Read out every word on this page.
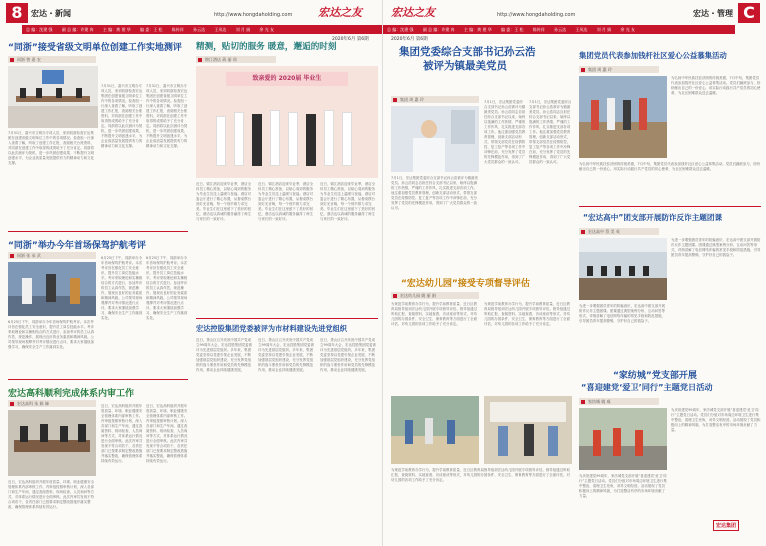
8	宏达・新闻	http://www.hongdaholding.com 宏达之友
总 编：沈建 强　　 副 总 编：许建 冉　　 主 编：黄 建 华　　 编 委：王 松　　 陈传祥　　 孙云达　　 王凤达　　 刘 月 娟　　 余 光 友
2020年6月 第6期
“同浙”接受省级文明单位创建工作实地测评
同浙 曾 嘉 农
7月31日，嘉兴市文明办专项人员，来到同浙检查宏达集团在创建省级文明单位工作中的各项情况。检查组一行深入查看了解，听取了创建工作汇报，查阅相关台账资料，对同浙在创建工作中取得的成绩给予了充分肯定。同浙将以此次测评为契机，进一步巩固创建成果，不断提升文明创建水平，为企业高质量发展提供有力的精神动力和文化支撑。
7月31日，嘉兴市文明办专项人员，来到同浙检查宏达集团在创建省级文明单位工作中的各项情况。检查组一行深入查看了解，听取了创建工作汇报，查阅相关台账资料，对同浙在创建工作中取得的成绩给予了充分肯定。同浙将以此次测评为契机，进一步巩固创建成果，不断提升文明创建水平，为企业高质量发展提供有力的精神动力和文化支撑。
7月31日，嘉兴市文明办专项人员，来到同浙检查宏达集团在创建省级文明单位工作中的各项情况。检查组一行深入查看了解，听取了创建工作汇报，查阅相关台账资料，对同浙在创建工作中取得的成绩给予了充分肯定。同浙将以此次测评为契机，进一步巩固创建成果，不断提升文明创建水平，为企业高质量发展提供有力的精神动力和文化支撑。
“同浙”举办今年首场保驾护航考评
同浙 张 承 武
6月25日下午，同浙举办今年首场保驾护航考评。本次考评旨在强化员工安全意识，提升员工岗位技能水平。考评采取理论和实操相结合的方式进行，参加考评的员工认真作答，规范操作，展现出良好的业务素质和精神风貌。公司领导现场观摩并对考评情况进行点评，要求大家继续加强学习，确保安全生产工作落到实处。
6月25日下午，同浙举办今年首场保驾护航考评。本次考评旨在强化员工安全意识，提升员工岗位技能水平。考评采取理论和实操相结合的方式进行，参加考评的员工认真作答，规范操作，展现出良好的业务素质和精神风貌。公司领导现场观摩并对考评情况进行点评，要求大家继续加强学习，确保安全生产工作落到实处。
6月25日下午，同浙举办今年首场保驾护航考评。本次考评旨在强化员工安全意识，提升员工岗位技能水平。考评采取理论和实操相结合的方式进行，参加考评的员工认真作答，规范操作，展现出良好的业务素质和精神风貌。公司领导现场观摩并对考评情况进行点评，要求大家继续加强学习，确保安全生产工作落到实处。
宏达高科顺利完成体系内审工作
宏达高科 朱 娟 娣
近日，宏达高科组织开展年度质量、环境、职业健康安全管理体系内部审核工作。内审组按照审核计划，深入各部门和生产车间，通过查阅资料、现场检查、人员询问等方式，对体系运行情况进行全面审核。此次内审共发现不符合项若干，各责任部门已按要求制定整改措施并落实整改，确保管理体系持续有效运行。
近日，宏达高科组织开展年度质量、环境、职业健康安全管理体系内部审核工作。内审组按照审核计划，深入各部门和生产车间，通过查阅资料、现场检查、人员询问等方式，对体系运行情况进行全面审核。此次内审共发现不符合项若干，各责任部门已按要求制定整改措施并落实整改，确保管理体系持续有效运行。
近日，宏达高科组织开展年度质量、环境、职业健康安全管理体系内部审核工作。内审组按照审核计划，深入各部门和生产车间，通过查阅资料、现场检查、人员询问等方式，对体系运行情况进行全面审核。此次内审共发现不符合项若干，各责任部门已按要求制定整改措施并落实整改，确保管理体系持续有效运行。
精测，贴切的服务 暖意，邂逅的时刻
锦江酒店 蒋 丽 琼
致亲爱的 2020届 毕业生
近日，锦江酒店迎来毕业季，酒店全体员工精心准备，以贴心周到的服务为毕业生们送上温暖与祝福。酒店对宴会厅进行了精心布置，从餐桌摆台到灯光音响，每一个细节都力求完美。毕业生们在这里留下了美好的回忆，酒店也以真诚的服务赢得了师生与家长的一致好评。
近日，锦江酒店迎来毕业季，酒店全体员工精心准备，以贴心周到的服务为毕业生们送上温暖与祝福。酒店对宴会厅进行了精心布置，从餐桌摆台到灯光音响，每一个细节都力求完美。毕业生们在这里留下了美好的回忆，酒店也以真诚的服务赢得了师生与家长的一致好评。
近日，锦江酒店迎来毕业季，酒店全体员工精心准备，以贴心周到的服务为毕业生们送上温暖与祝福。酒店对宴会厅进行了精心布置，从餐桌摆台到灯光音响，每一个细节都力求完美。毕业生们在这里留下了美好的回忆，酒店也以真诚的服务赢得了师生与家长的一致好评。
宏达控股集团党委被评为市材料建设先进党组织
近日，萧山区召开庆祝中国共产党成立99周年大会，宏达控股集团党委被评为先进基层党组织。多年来，集团党委坚持以党建引领企业发展，不断加强基层党组织建设，充分发挥党组织的战斗堡垒作用和党员的先锋模范作用，推动企业持续健康发展。
近日，萧山区召开庆祝中国共产党成立99周年大会，宏达控股集团党委被评为先进基层党组织。多年来，集团党委坚持以党建引领企业发展，不断加强基层党组织建设，充分发挥党组织的战斗堡垒作用和党员的先锋模范作用，推动企业持续健康发展。
近日，萧山区召开庆祝中国共产党成立99周年大会，宏达控股集团党委被评为先进基层党组织。多年来，集团党委坚持以党建引领企业发展，不断加强基层党组织建设，充分发挥党组织的战斗堡垒作用和党员的先锋模范作用，推动企业持续健康发展。
宏达之友	http://www.hongdaholding.com	宏达・管理 C
总 编：沈建 强　　 副 总 编：许建 冉　　 主 编：黄 建 华　　 编 委：王 松　　 陈传祥　　 孙云达　　 王凤达　　 刘 月 娟　　 余 光 友
2020年6月 第6期
集团党委综合支部书记孙云浩
被评为镇最美党员
集团 周 惠 玲
7月1日，宏达集团党委综合支部书记孙云浩被评为镇最美党员。孙云浩同志自担任综合支部书记以来，始终以饱满的工作热情，严谨的工作作风，扎实推进支部各项工作。他注重加强党员教育管理，创新支部活动形式，带领支部党员在疫情防控、复工复产等各项工作中冲锋在前，充分发挥了党员的先锋模范作用，得到了广大党员群众的一致认可。
7月1日，宏达集团党委综合支部书记孙云浩被评为镇最美党员。孙云浩同志自担任综合支部书记以来，始终以饱满的工作热情，严谨的工作作风，扎实推进支部各项工作。他注重加强党员教育管理，创新支部活动形式，带领支部党员在疫情防控、复工复产等各项工作中冲锋在前，充分发挥了党员的先锋模范作用，得到了广大党员群众的一致认可。
7月1日，宏达集团党委综合支部书记孙云浩被评为镇最美党员。孙云浩同志自担任综合支部书记以来，始终以饱满的工作热情，严谨的工作作风，扎实推进支部各项工作。他注重加强党员教育管理，创新支部活动形式，带领支部党员在疫情防控、复工复产等各项工作中冲锋在前，充分发挥了党员的先锋模范作用，得到了广大党员群众的一致认可。
集团党员代表参加钱杆社区爱心公益慕集活动
集团 周 惠 玲
为弘扬中华民族扶贫济困的传统美德，7月中旬，集团党员代表参加钱杆社区爱心公益募集活动。党员们踊跃参与，纷纷献出自己的一份爱心，用实际行动践行共产党员的初心使命，为社区困难群众送去温暖。
为弘扬中华民族扶贫济困的传统美德，7月中旬，集团党员代表参加钱杆社区爱心公益募集活动。党员们踊跃参与，纷纷献出自己的一份爱心，用实际行动践行共产党员的初心使命，为社区困难群众送去温暖。
“宏达高中”团支部开展防诈反诈主题团课
宏达高中 蔡 美 英
为进一步增强团员青年的防骗意识，宏达高中团支部开展防诈反诈主题团课。团课通过典型案例分析、互动问答等形式，详细讲解了电信网络诈骗的常见手段和防范措施，引导团员青年提高警惕，守护好自己的钱袋子。
为进一步增强团员青年的防骗意识，宏达高中团支部开展防诈反诈主题团课。团课通过典型案例分析、互动问答等形式，详细讲解了电信网络诈骗的常见手段和防范措施，引导团员青年提高警惕，守护好自己的钱袋子。
“宏达幼儿园”接受专项督导评估
宏达幼儿园 姚 丽 娟
为规范学前教育办学行为，提升学前教育质量，近日区教育局督导组到宏达幼儿园开展专项督导评估。督导组通过听取汇报、查阅资料、实地查看、访谈座谈等形式，对幼儿园的办园条件、安全卫生、保育教育等方面进行了全面评估，对幼儿园的各项工作给予了充分肯定。
为规范学前教育办学行为，提升学前教育质量，近日区教育局督导组到宏达幼儿园开展专项督导评估。督导组通过听取汇报、查阅资料、实地查看、访谈座谈等形式，对幼儿园的办园条件、安全卫生、保育教育等方面进行了全面评估，对幼儿园的各项工作给予了充分肯定。
为规范学前教育办学行为，提升学前教育质量，近日区教育局督导组到宏达幼儿园开展专项督导评估。督导组通过听取汇报、查阅资料、实地查看、访谈座谈等形式，对幼儿园的办园条件、安全卫生、保育教育等方面进行了全面评估，对幼儿园的各项工作给予了充分肯定。
“家纺城”党支部开展
“喜迎建党‘爱卫’同行”主题党日活动
家纺城 姚 威
为庆祝建党99周年，家纺城党支部开展“喜迎建党‘爱卫’同行”主题党日活动。党员们分组对市场周边环境卫生进行集中整治，清理卫生死角，劝导文明经营。活动展现了党员积极向上的精神风貌，为打造整洁有序的市场环境贡献了力量。
为庆祝建党99周年，家纺城党支部开展“喜迎建党‘爱卫’同行”主题党日活动。党员们分组对市场周边环境卫生进行集中整治，清理卫生死角，劝导文明经营。活动展现了党员积极向上的精神风貌，为打造整洁有序的市场环境贡献了力量。
宏达集团
